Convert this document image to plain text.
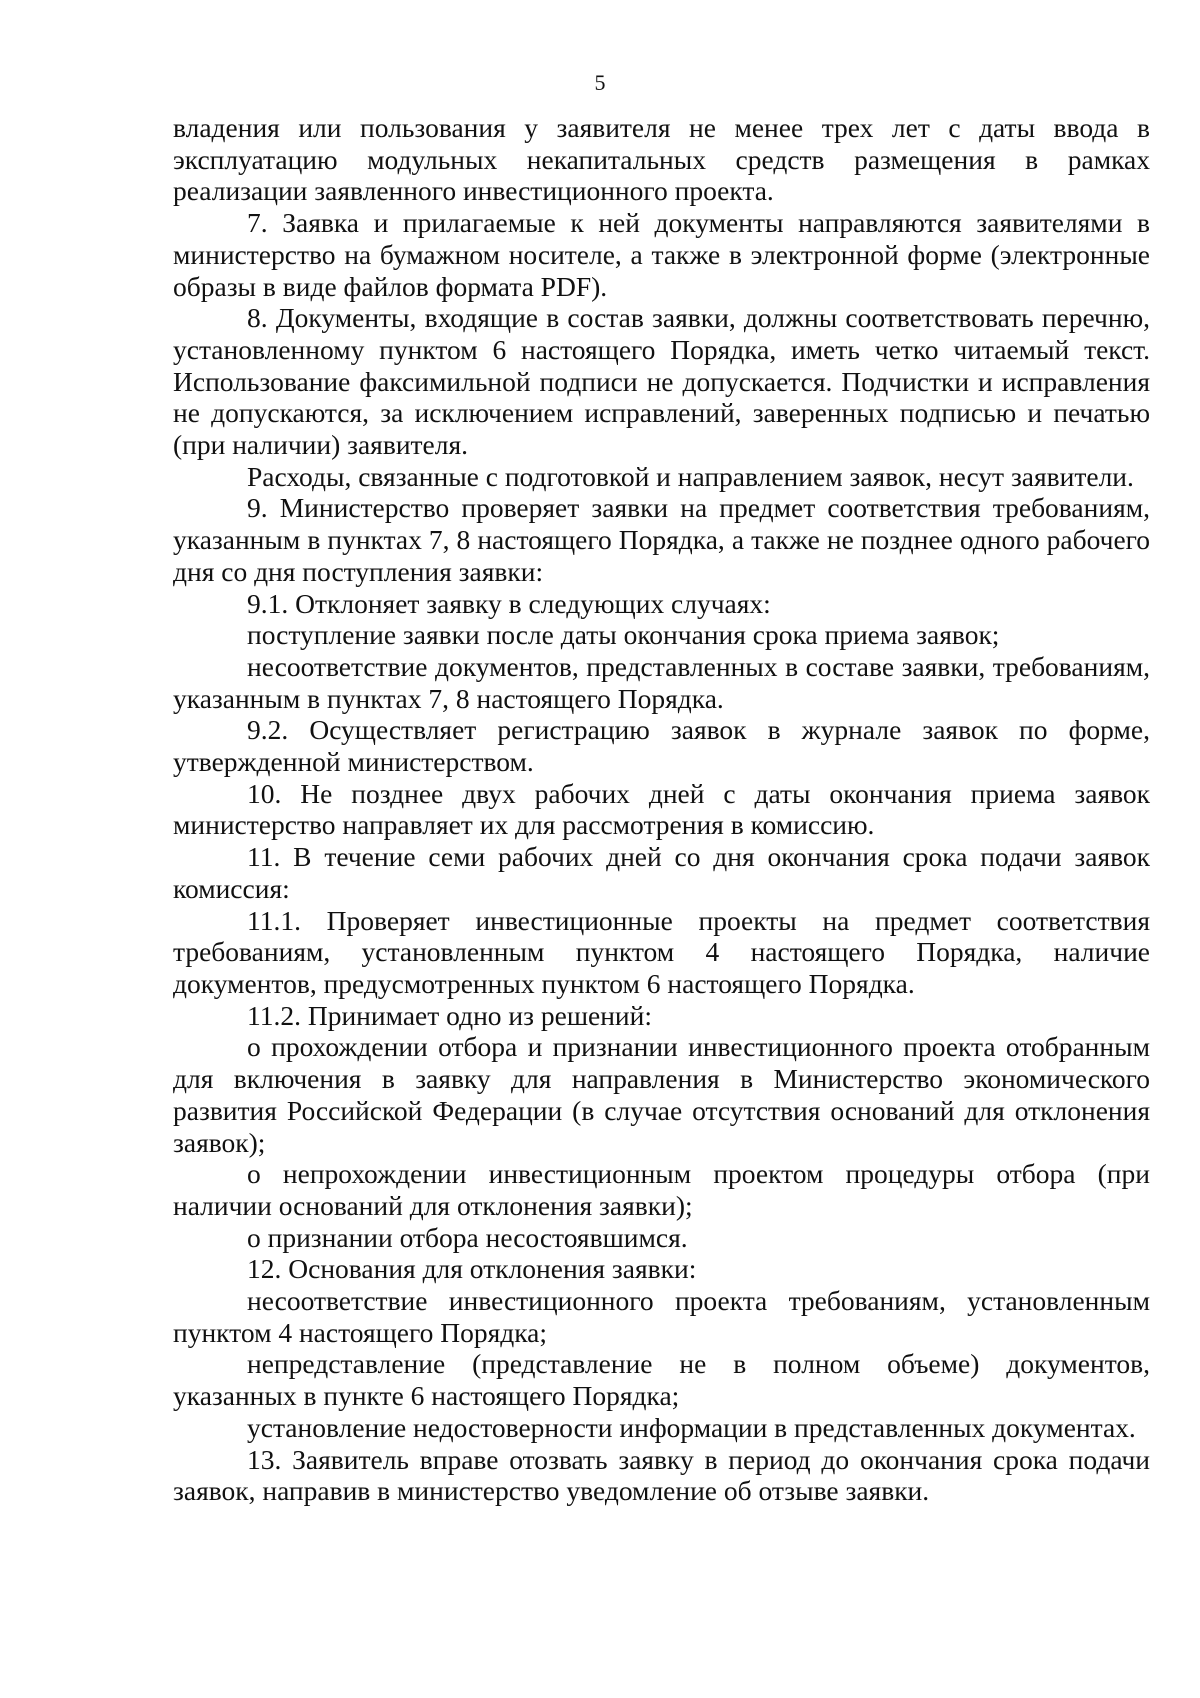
5

владения или пользования у заявителя не менее трех лет с даты ввода в эксплуатацию модульных некапитальных средств размещения в рамках реализации заявленного инвестиционного проекта.

7. Заявка и прилагаемые к ней документы направляются заявителями в министерство на бумажном носителе, а также в электронной форме (электронные образы в виде файлов формата PDF).

8. Документы, входящие в состав заявки, должны соответствовать перечню, установленному пунктом 6 настоящего Порядка, иметь четко читаемый текст. Использование факсимильной подписи не допускается. Подчистки и исправления не допускаются, за исключением исправлений, заверенных подписью и печатью (при наличии) заявителя.

Расходы, связанные с подготовкой и направлением заявок, несут заявители.

9. Министерство проверяет заявки на предмет соответствия требованиям, указанным в пунктах 7, 8 настоящего Порядка, а также не позднее одного рабочего дня со дня поступления заявки:

9.1. Отклоняет заявку в следующих случаях:

поступление заявки после даты окончания срока приема заявок;

несоответствие документов, представленных в составе заявки, требованиям, указанным в пунктах 7, 8 настоящего Порядка.

9.2. Осуществляет регистрацию заявок в журнале заявок по форме, утвержденной министерством.

10. Не позднее двух рабочих дней с даты окончания приема заявок министерство направляет их для рассмотрения в комиссию.

11. В течение семи рабочих дней со дня окончания срока подачи заявок комиссия:

11.1. Проверяет инвестиционные проекты на предмет соответствия требованиям, установленным пунктом 4 настоящего Порядка, наличие документов, предусмотренных пунктом 6 настоящего Порядка.

11.2. Принимает одно из решений:

о прохождении отбора и признании инвестиционного проекта отобранным для включения в заявку для направления в Министерство экономического развития Российской Федерации (в случае отсутствия оснований для отклонения заявок);

о непрохождении инвестиционным проектом процедуры отбора (при наличии оснований для отклонения заявки);

о признании отбора несостоявшимся.

12. Основания для отклонения заявки:

несоответствие инвестиционного проекта требованиям, установленным пунктом 4 настоящего Порядка;

непредставление (представление не в полном объеме) документов, указанных в пункте 6 настоящего Порядка;

установление недостоверности информации в представленных документах.

13. Заявитель вправе отозвать заявку в период до окончания срока подачи заявок, направив в министерство уведомление об отзыве заявки.
